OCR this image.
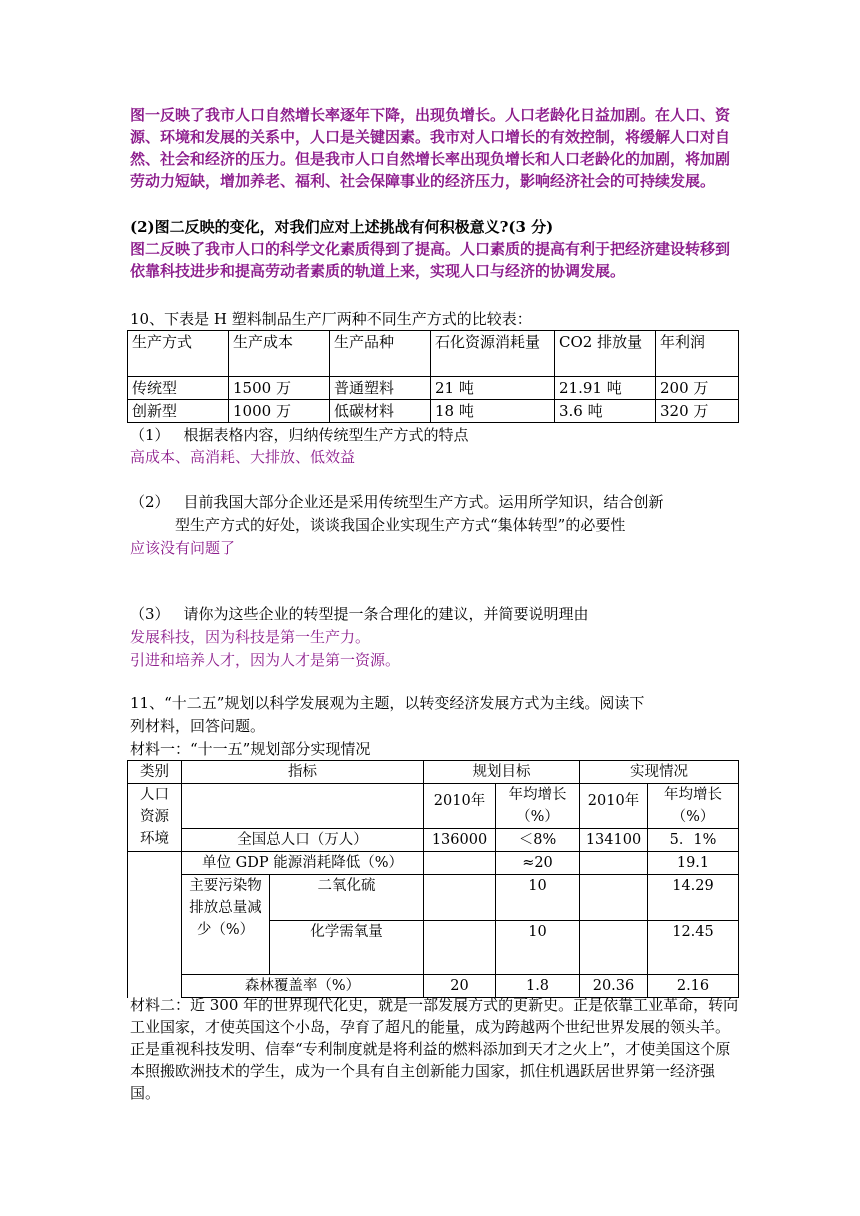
图一反映了我市人口自然增长率逐年下降，出现负增长。人口老龄化日益加剧。在人口、资源、环境和发展的关系中，人口是关键因素。我市对人口增长的有效控制，将缓解人口对自然、社会和经济的压力。但是我市人口自然增长率出现负增长和人口老龄化的加剧，将加剧劳动力短缺，增加养老、福利、社会保障事业的经济压力，影响经济社会的可持续发展。

(2)图二反映的变化，对我们应对上述挑战有何积极意义?(3 分)

图二反映了我市人口的科学文化素质得到了提高。人口素质的提高有利于把经济建设转移到依靠科技进步和提高劳动者素质的轨道上来，实现人口与经济的协调发展。

10、下表是 H 塑料制品生产厂两种不同生产方式的比较表：

生产方式	生产成本	生产品种	石化资源消耗量	CO2 排放量	年利润
传统型	1500 万	普通塑料	21 吨	21.91 吨	200 万
创新型	1000 万	低碳材料	18 吨	3.6 吨	320 万

（1） 根据表格内容，归纳传统型生产方式的特点

高成本、高消耗、大排放、低效益

（2） 目前我国大部分企业还是采用传统型生产方式。运用所学知识，结合创新

型生产方式的好处，谈谈我国企业实现生产方式“集体转型”的必要性

应该没有问题了

（3） 请你为这些企业的转型提一条合理化的建议，并简要说明理由

发展科技，因为科技是第一生产力。

引进和培养人才，因为人才是第一资源。

11、“十二五”规划以科学发展观为主题，以转变经济发展方式为主线。阅读下

列材料，回答问题。

材料一：“十一五”规划部分实现情况

类别	指标		规划目标		实现情况	
人口资源环境			2010年	年均增长（%）	2010年	年均增长（%）
	全国总人口（万人）		136000	＜8%	134100	5．1%
	单位 GDP 能源消耗降低（%）			≈20		19.1
	主要污染物排放总量减少（%）	二氧化硫		10		14.29
		化学需氧量		10		12.45
	森林覆盖率（%）		20	1.8	20.36	2.16

材料二：近 300 年的世界现代化史，就是一部发展方式的更新史。正是依靠工业革命，转向工业国家，才使英国这个小岛，孕育了超凡的能量，成为跨越两个世纪世界发展的领头羊。正是重视科技发明、信奉“专利制度就是将利益的燃料添加到天才之火上”，才使美国这个原本照搬欧洲技术的学生，成为一个具有自主创新能力国家，抓住机遇跃居世界第一经济强国。
